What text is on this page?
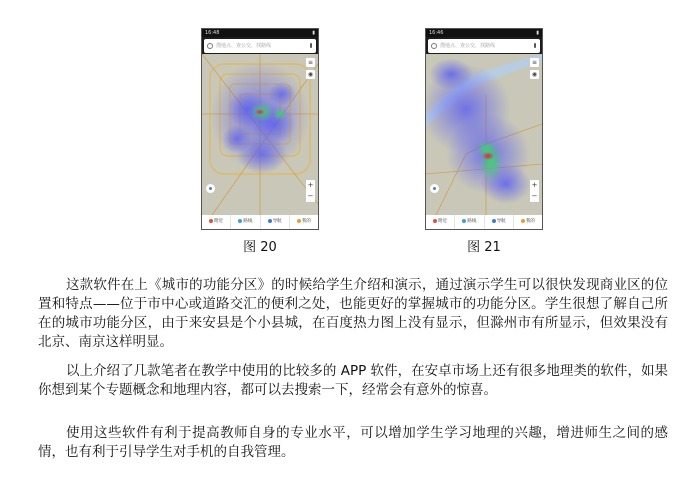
16:48	▮
搜地点、查公交、找路线
≡
◉
+
−
附近	路线	导航	我的
图 20
16:46	▮
搜地点、查公交、找路线
≡
◉
+
−
附近	路线	导航	我的
图 21

这款软件在上《城市的功能分区》的时候给学生介绍和演示，通过演示学生可以很快发现商业区的位置和特点——位于市中心或道路交汇的便利之处，也能更好的掌握城市的功能分区。学生很想了解自己所在的城市功能分区，由于来安县是个小县城，在百度热力图上没有显示，但滁州市有所显示，但效果没有北京、南京这样明显。

以上介绍了几款笔者在教学中使用的比较多的 APP 软件，在安卓市场上还有很多地理类的软件，如果你想到某个专题概念和地理内容，都可以去搜索一下，经常会有意外的惊喜。

使用这些软件有利于提高教师自身的专业水平，可以增加学生学习地理的兴趣，增进师生之间的感情，也有利于引导学生对手机的自我管理。
